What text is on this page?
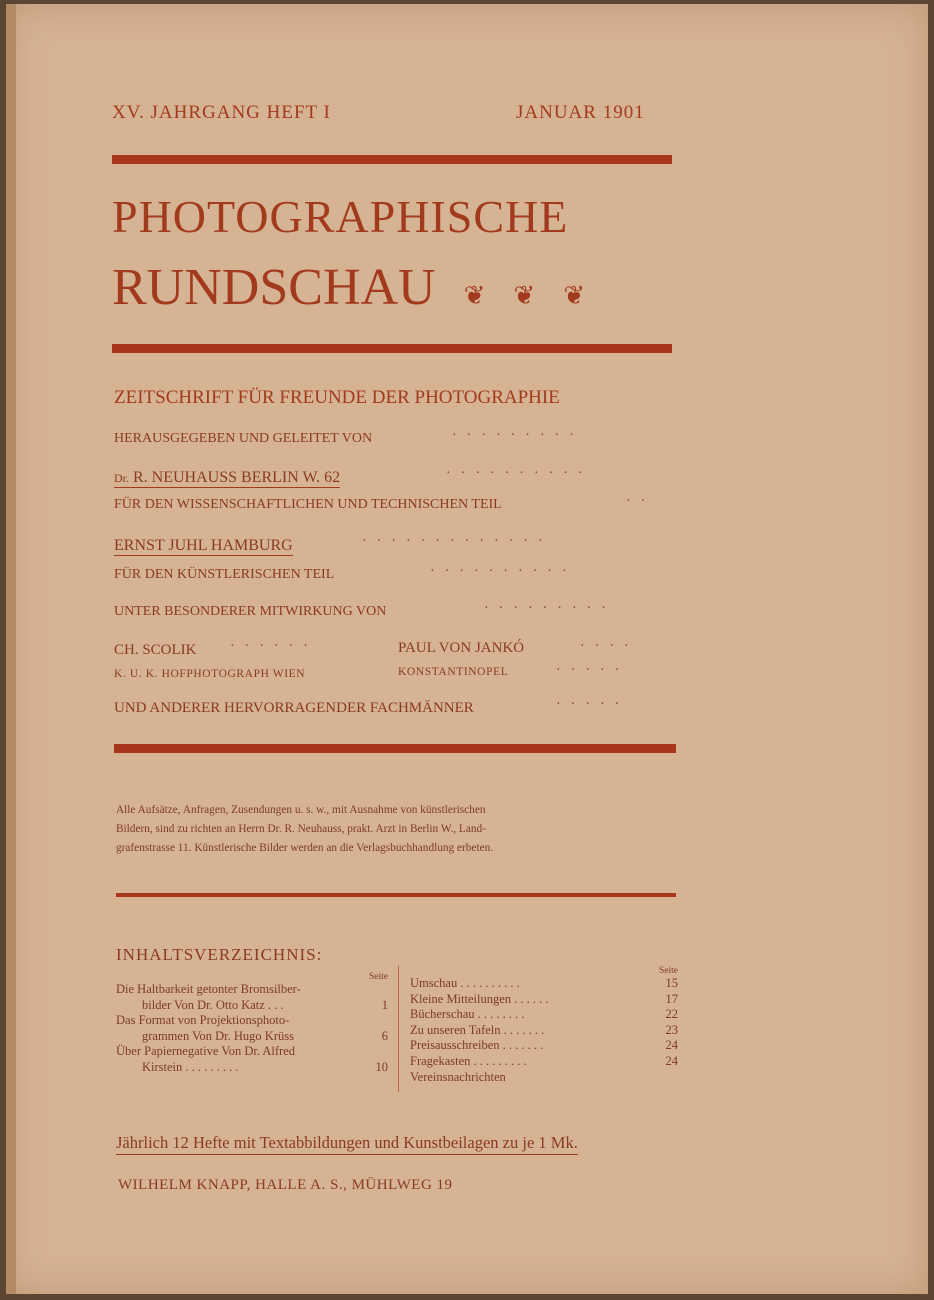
XV. JAHRGANG HEFT I	JANUAR 1901
PHOTOGRAPHISCHE
RUNDSCHAU ❦ ❦ ❦
ZEITSCHRIFT FÜR FREUNDE DER PHOTOGRAPHIE
HERAUSGEGEBEN UND GELEITET VON	·········
Dr. R. NEUHAUSS BERLIN W. 62	··········
FÜR DEN WISSENSCHAFTLICHEN UND TECHNISCHEN TEIL	··
ERNST JUHL HAMBURG	·············
FÜR DEN KÜNSTLERISCHEN TEIL	··········
UNTER BESONDERER MITWIRKUNG VON	·········
CH. SCOLIK ······
K. U. K. HOFPHOTOGRAPH WIEN
PAUL VON JANKÓ	····
KONSTANTINOPEL	·····
UND ANDERER HERVORRAGENDER FACHMÄNNER	·····
Alle Aufsätze, Anfragen, Zusendungen u. s. w., mit Ausnahme von künstlerischen
Bildern, sind zu richten an Herrn Dr. R. Neuhauss, prakt. Arzt in Berlin W., Land-
grafenstrasse 11. Künstlerische Bilder werden an die Verlagsbuchhandlung erbeten.
INHALTSVERZEICHNIS:
Seite
Die Haltbarkeit getonter Bromsilber-
bilder Von Dr. Otto Katz . . .	1
Das Format von Projektionsphoto-
grammen Von Dr. Hugo Krüss	6
Über Papiernegative Von Dr. Alfred
Kirstein . . . . . . . . .	10
Seite
Umschau . . . . . . . . . .	15
Kleine Mitteilungen . . . . . .	17
Bücherschau . . . . . . . .	22
Zu unseren Tafeln . . . . . . .	23
Preisausschreiben . . . . . . .	24
Fragekasten . . . . . . . . .	24
Vereinsnachrichten
Jährlich 12 Hefte mit Textabbildungen und Kunstbeilagen zu je 1 Mk.
WILHELM KNAPP, HALLE A. S., MÜHLWEG 19
